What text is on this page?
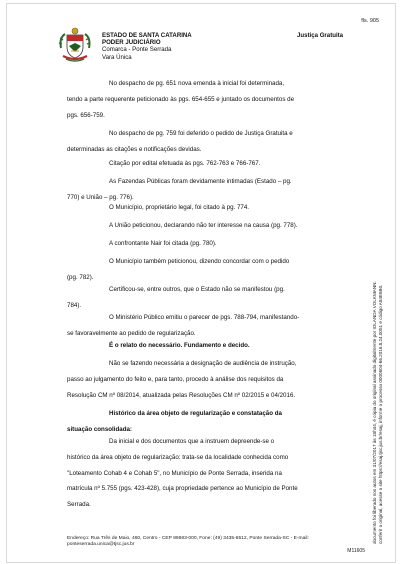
fls. 905
ESTADO DE SANTA CATARINA
PODER JUDICIÁRIO
Comarca - Ponte Serrada
Vara Única
Justiça Gratuita
No despacho de pg. 651 nova emenda à inicial foi determinada,
tendo a parte requerente peticionado às pgs. 654-655 e juntado os documentos de
pgs. 656-759.
No despacho de pg. 759 foi deferido o pedido de Justiça Gratuita e
determinadas as citações e notificações devidas.
Citação por edital efetuada às pgs. 762-763 e 766-767.
As Fazendas Públicas foram devidamente intimadas (Estado – pg.
770) e União – pg. 776).
O Município, proprietário legal, foi citado à pg. 774.
A União peticionou, declarando não ter interesse na causa (pg. 778).
A confrontante Nair foi citada (pg. 780).
O Município também peticionou, dizendo concordar com o pedido
(pg. 782).
Certificou-se, entre outros, que o Estado não se manifestou (pg.
784).
O Ministério Público emitiu o parecer de pgs. 788-794, manifestando-
se favoravelmente ao pedido de regularização.
É o relato do necessário. Fundamento e decido.
Não se fazendo necessária a designação de audiência de instrução,
passo ao julgamento do feito e, para tanto, procedo à análise dos requisitos da
Resolução CM nº 08/2014, atualizada pelas Resoluções CM nº 02/2015 e 04/2016.
Histórico da área objeto de regularização e constatação da
situação consolidada:
Da inicial e dos documentos que a instruem depreende-se o
histórico da área objeto de regularização: trata-se da localidade conhecida como
"Loteamento Cohab 4 e Cohab 5", no Município de Ponte Serrada, inserida na
matrícula nº 5.755 (pgs. 423-428), cuja propriedade pertence ao Município de Ponte
Serrada.
Endereço: Rua Três de Maio, 460, Centro - CEP 89683-000, Fone: (49) 3435-6512, Ponte Serrada-SC - E-mail:
ponteserrada.unica@tjsc.jus.br
M11605
documento foi liberado nos autos em 31/07/2017 às 18h44, é cópia do original assinado digitalmente por IOLANDA VOLKMANN. conferir o original, acesse o site https://esaj.tjsc.jus.br/esaj, informe o processo 0000604-66.2016.8.24.0051 e código A84E6B0.
